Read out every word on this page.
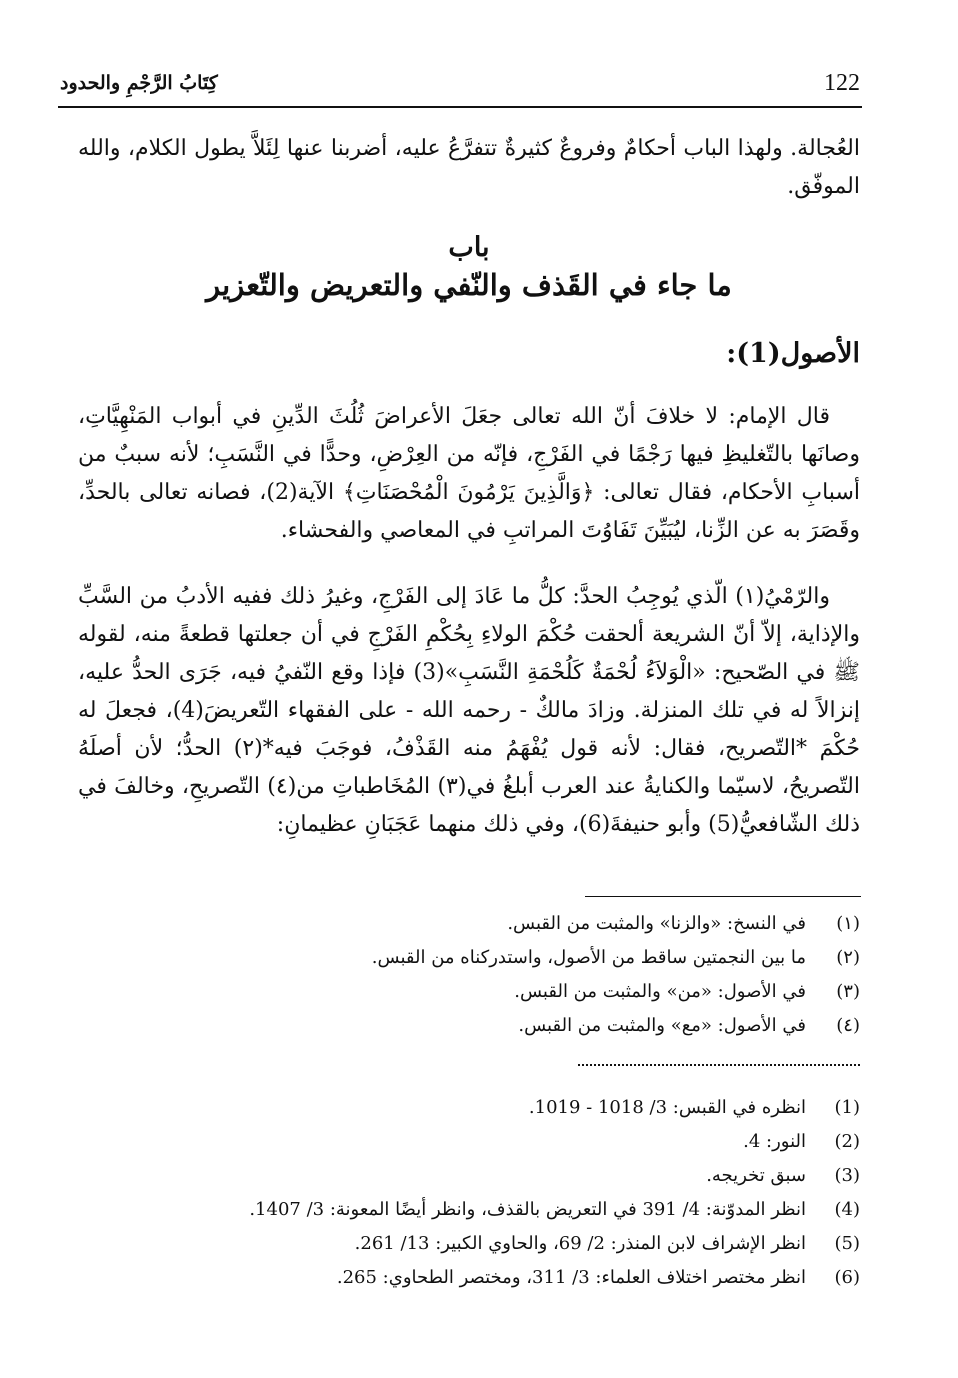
122
كِتَابُ الرَّجْمِ والحدود
العُجالة. ولهذا الباب أحكامٌ وفروعٌ كثيرةٌ تتفرَّعُ عليه، أضربنا عنها لِئَلاَّ يطول الكلام، والله الموفّق.
باب
ما جاء في القَذف والنّفي والتعريض والتّعزير
الأصول(1):
قال الإمام: لا خلافَ أنّ الله تعالى جعَلَ الأعراضَ ثُلُثَ الدِّينِ في أبواب المَنْهِيَّاتِ، وصانَها بالتّغليظِ فيها رَجْمًا في الفَرْجِ، فإنّه من العِرْضِ، وحدًّا في النَّسَبِ؛ لأنه سببٌ من أسبابِ الأحكام، فقال تعالى: ﴿وَالَّذِينَ يَرْمُونَ الْمُحْصَنَاتِ﴾ الآية(2)، فصانه تعالى بالحدِّ، وقَصَرَ به عن الزِّنا، ليُبَيِّنَ تَفَاوُتَ المراتبِ في المعاصي والفحشاء.
والرّمْيُ(١) الّذي يُوجِبُ الحدَّ: كلُّ ما عَادَ إلى الفَرْجِ، وغيرُ ذلك ففيه الأدبُ من السَّبِّ والإذاية، إلاّ أنّ الشريعة ألحقت حُكْمَ الولاءِ بِحُكْمِ الفَرْجِ في أن جعلتها قطعةً منه، لقوله ﷺ في الصّحيح: «الْوَلاَءُ لُحْمَةٌ كَلُحْمَةِ النَّسَبِ»(3) فإذا وقع النّفيُ فيه، جَرَى الحدُّ عليه، إنزالاً له في تلك المنزلة. وزادَ مالكٌ - رحمه الله - على الفقهاء التّعريضَ(4)، فجعلَ له حُكْمَ *التّصريح، فقال: لأنه قول يُفْهَمُ منه القَذْفُ، فوجَبَ فيه*(٢) الحدُّ؛ لأن أصلَهُ التّصريحُ، لاسيّما والكنايةُ عند العرب أبلغُ في(٣) المُخَاطباتِ من(٤) التّصريحِ، وخالفَ في ذلك الشّافعيُّ(5) وأبو حنيفةَ(6)، وفي ذلك منهما عَجَبَانِ عظيمانِ:
(١)
في النسخ: «والزنا» والمثبت من القبس.
(٢)
ما بين النجمتين ساقط من الأصول، واستدركناه من القبس.
(٣)
في الأصول: «من» والمثبت من القبس.
(٤)
في الأصول: «مع» والمثبت من القبس.
(1)
انظره في القبس: 3/ 1018 - 1019.
(2)
النور: 4.
(3)
سبق تخريجه.
(4)
انظر المدوّنة: 4/ 391 في التعريض بالقذف، وانظر أيضًا المعونة: 3/ 1407.
(5)
انظر الإشراف لابن المنذر: 2/ 69، والحاوي الكبير: 13/ 261.
(6)
انظر مختصر اختلاف العلماء: 3/ 311، ومختصر الطحاوي: 265.
